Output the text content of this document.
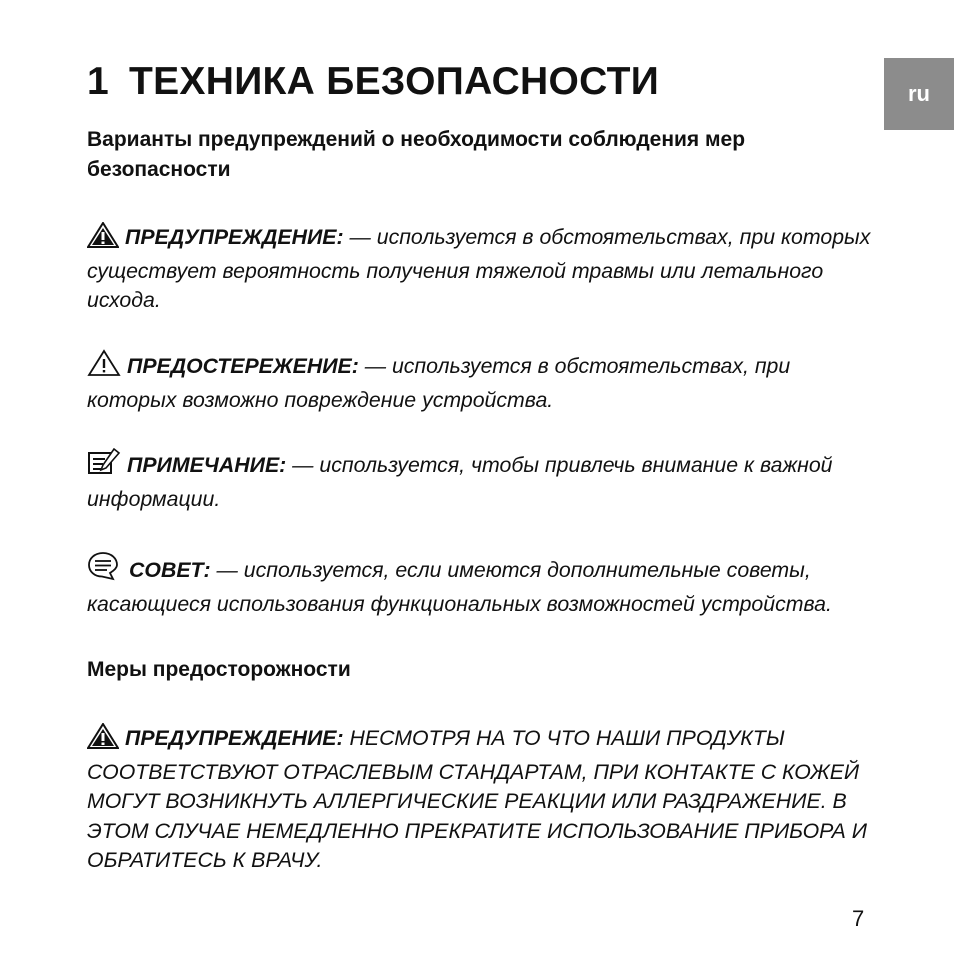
ru
1 ТЕХНИКА БЕЗОПАСНОСТИ

Варианты предупреждений о необходимости соблюдения мер безопасности

ПРЕДУПРЕЖДЕНИЕ: — используется в обстоятельствах, при которых существует вероятность получения тяжелой травмы или летального исхода.

ПРЕДОСТЕРЕЖЕНИЕ: — используется в обстоятельствах, при которых возможно повреждение устройства.

ПРИМЕЧАНИЕ: — используется, чтобы привлечь внимание к важной информации.

СОВЕТ: — используется, если имеются дополнительные советы, касающиеся использования функциональных возможностей устройства.

Меры предосторожности

ПРЕДУПРЕЖДЕНИЕ: НЕСМОТРЯ НА ТО ЧТО НАШИ ПРОДУКТЫ СООТВЕТСТВУЮТ ОТРАСЛЕВЫМ СТАНДАРТАМ, ПРИ КОНТАКТЕ С КОЖЕЙ МОГУТ ВОЗНИКНУТЬ АЛЛЕРГИЧЕСКИЕ РЕАКЦИИ ИЛИ РАЗДРАЖЕНИЕ. В ЭТОМ СЛУЧАЕ НЕМЕДЛЕННО ПРЕКРАТИТЕ ИСПОЛЬЗОВАНИЕ ПРИБОРА И ОБРАТИТЕСЬ К ВРАЧУ.

7
